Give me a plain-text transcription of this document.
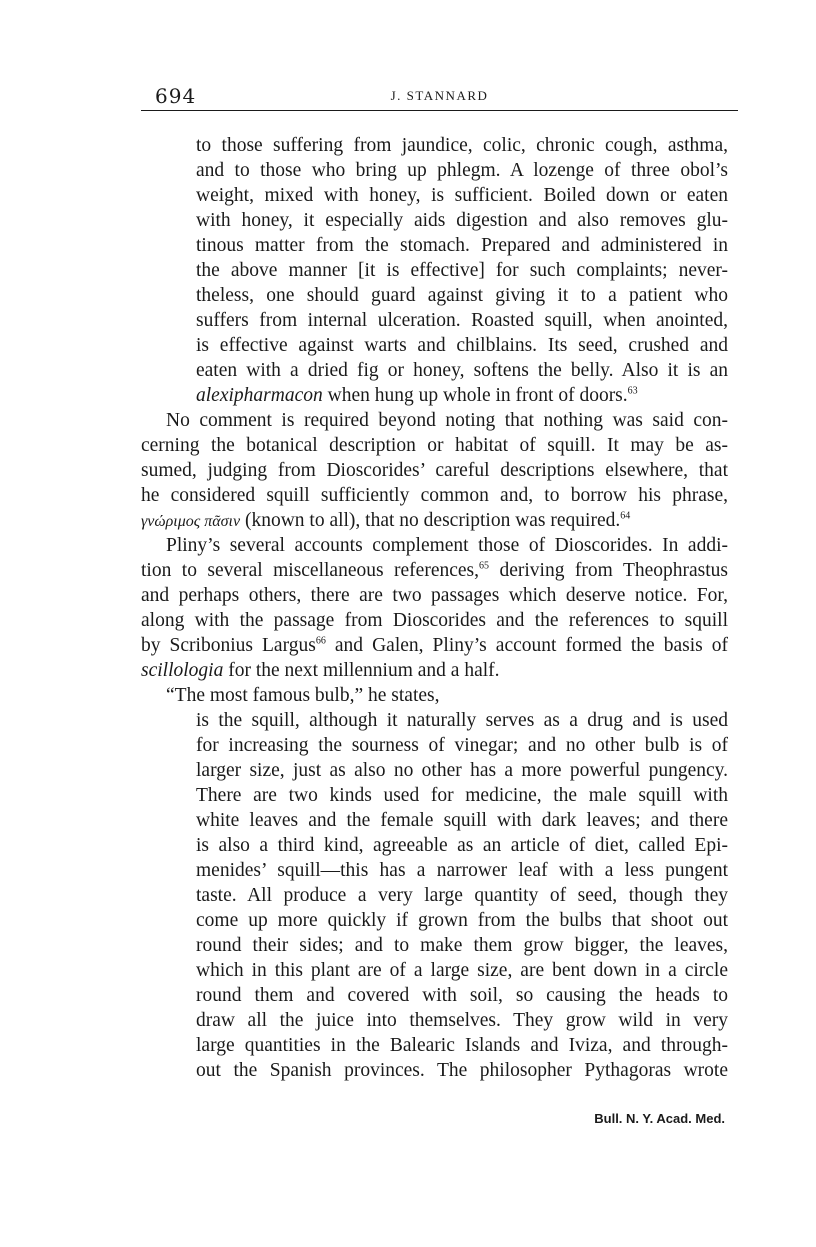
694	J. STANNARD
to those suffering from jaundice, colic, chronic cough, asthma,
and to those who bring up phlegm. A lozenge of three obol’s
weight, mixed with honey, is sufficient. Boiled down or eaten
with honey, it especially aids digestion and also removes glu-
tinous matter from the stomach. Prepared and administered in
the above manner [it is effective] for such complaints; never-
theless, one should guard against giving it to a patient who
suffers from internal ulceration. Roasted squill, when anointed,
is effective against warts and chilblains. Its seed, crushed and
eaten with a dried fig or honey, softens the belly. Also it is an
alexipharmacon when hung up whole in front of doors.$^{63}$
No comment is required beyond noting that nothing was said con-
cerning the botanical description or habitat of squill. It may be as-
sumed, judging from Dioscorides’ careful descriptions elsewhere, that
he considered squill sufficiently common and, to borrow his phrase,
γνώριμος πᾶσιν (known to all), that no description was required.$^{64}$
Pliny’s several accounts complement those of Dioscorides. In addi-
tion to several miscellaneous references,$^{65}$ deriving from Theophrastus
and perhaps others, there are two passages which deserve notice. For,
along with the passage from Dioscorides and the references to squill
by Scribonius Largus$^{66}$ and Galen, Pliny’s account formed the basis of
scillologia for the next millennium and a half.
“The most famous bulb,” he states,
is the squill, although it naturally serves as a drug and is used
for increasing the sourness of vinegar; and no other bulb is of
larger size, just as also no other has a more powerful pungency.
There are two kinds used for medicine, the male squill with
white leaves and the female squill with dark leaves; and there
is also a third kind, agreeable as an article of diet, called Epi-
menides’ squill—this has a narrower leaf with a less pungent
taste. All produce a very large quantity of seed, though they
come up more quickly if grown from the bulbs that shoot out
round their sides; and to make them grow bigger, the leaves,
which in this plant are of a large size, are bent down in a circle
round them and covered with soil, so causing the heads to
draw all the juice into themselves. They grow wild in very
large quantities in the Balearic Islands and Iviza, and through-
out the Spanish provinces. The philosopher Pythagoras wrote
Bull. N. Y. Acad. Med.
